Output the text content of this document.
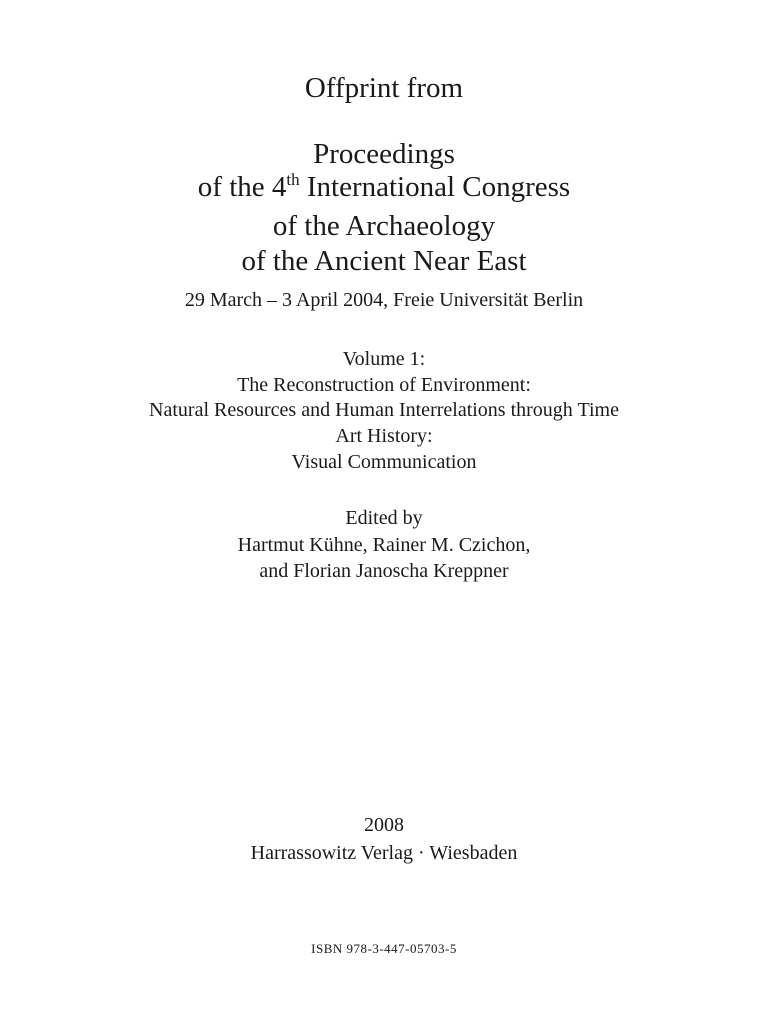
Offprint from

Proceedings

of the 4th International Congress

of the Archaeology

of the Ancient Near East

29 March – 3 April 2004, Freie Universität Berlin

Volume 1:

The Reconstruction of Environment:

Natural Resources and Human Interrelations through Time

Art History:

Visual Communication

Edited by

Hartmut Kühne, Rainer M. Czichon,

and Florian Janoscha Kreppner

2008

Harrassowitz Verlag · Wiesbaden

ISBN 978-3-447-05703-5
